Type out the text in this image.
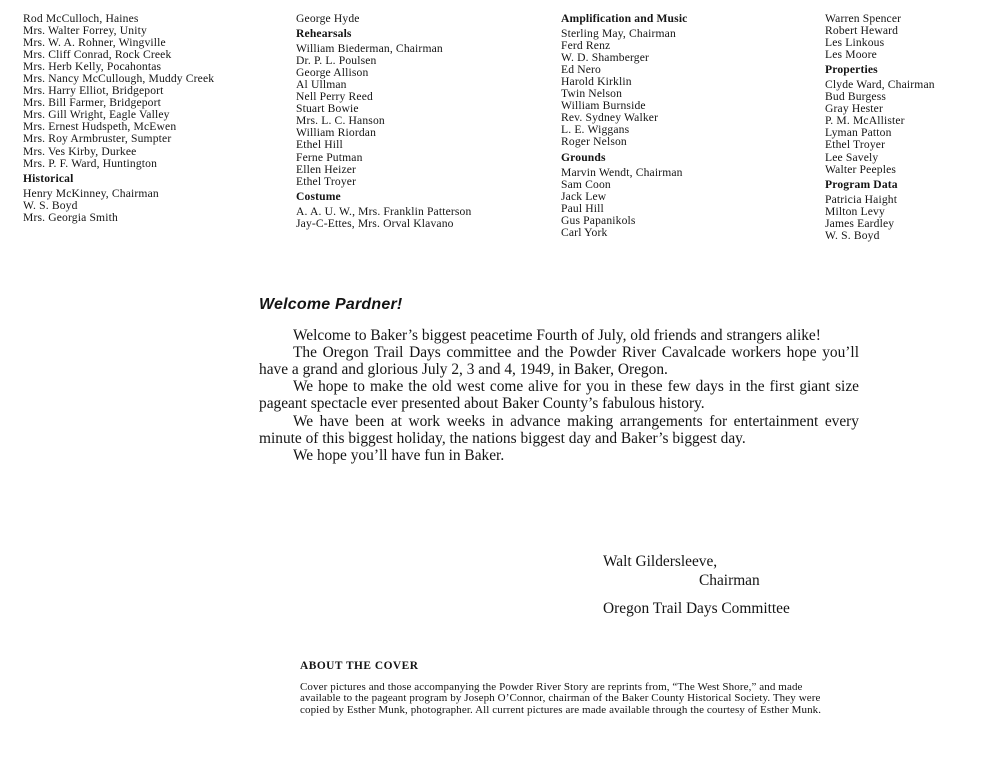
Rod McCulloch, Haines
Mrs. Walter Forrey, Unity
Mrs. W. A. Rohner, Wingville
Mrs. Cliff Conrad, Rock Creek
Mrs. Herb Kelly, Pocahontas
Mrs. Nancy McCullough, Muddy Creek
Mrs. Harry Elliot, Bridgeport
Mrs. Bill Farmer, Bridgeport
Mrs. Gill Wright, Eagle Valley
Mrs. Ernest Hudspeth, McEwen
Mrs. Roy Armbruster, Sumpter
Mrs. Ves Kirby, Durkee
Mrs. P. F. Ward, Huntington
Historical
Henry McKinney, Chairman
W. S. Boyd
Mrs. Georgia Smith
George Hyde
Rehearsals
William Biederman, Chairman
Dr. P. L. Poulsen
George Allison
Al Ullman
Nell Perry Reed
Stuart Bowie
Mrs. L. C. Hanson
William Riordan
Ethel Hill
Ferne Putman
Ellen Heizer
Ethel Troyer
Costume
A. A. U. W., Mrs. Franklin Patterson
Jay-C-Ettes, Mrs. Orval Klavano
Amplification and Music
Sterling May, Chairman
Ferd Renz
W. D. Shamberger
Ed Nero
Harold Kirklin
Twin Nelson
William Burnside
Rev. Sydney Walker
L. E. Wiggans
Roger Nelson
Grounds
Marvin Wendt, Chairman
Sam Coon
Jack Lew
Paul Hill
Gus Papanikols
Carl York
Warren Spencer
Robert Heward
Les Linkous
Les Moore
Properties
Clyde Ward, Chairman
Bud Burgess
Gray Hester
P. M. McAllister
Lyman Patton
Ethel Troyer
Lee Savely
Walter Peeples
Program Data
Patricia Haight
Milton Levy
James Eardley
W. S. Boyd
Welcome Pardner!

Welcome to Baker’s biggest peacetime Fourth of July, old friends and strangers alike!

The Oregon Trail Days committee and the Powder River Cavalcade workers hope you’ll have a grand and glorious July 2, 3 and 4, 1949, in Baker, Oregon.

We hope to make the old west come alive for you in these few days in the first giant size pageant spectacle ever presented about Baker County’s fabulous history.

We have been at work weeks in advance making arrangements for entertainment every minute of this biggest holiday, the nations biggest day and Baker’s biggest day.

We hope you’ll have fun in Baker.

Walt Gildersleeve,
Chairman
Oregon Trail Days Committee
ABOUT THE COVER

Cover pictures and those accompanying the Powder River Story are reprints from, “The West Shore,” and made available to the pageant program by Joseph O’Connor, chairman of the Baker County Historical Society. They were copied by Esther Munk, photographer. All current pictures are made available through the courtesy of Esther Munk.
